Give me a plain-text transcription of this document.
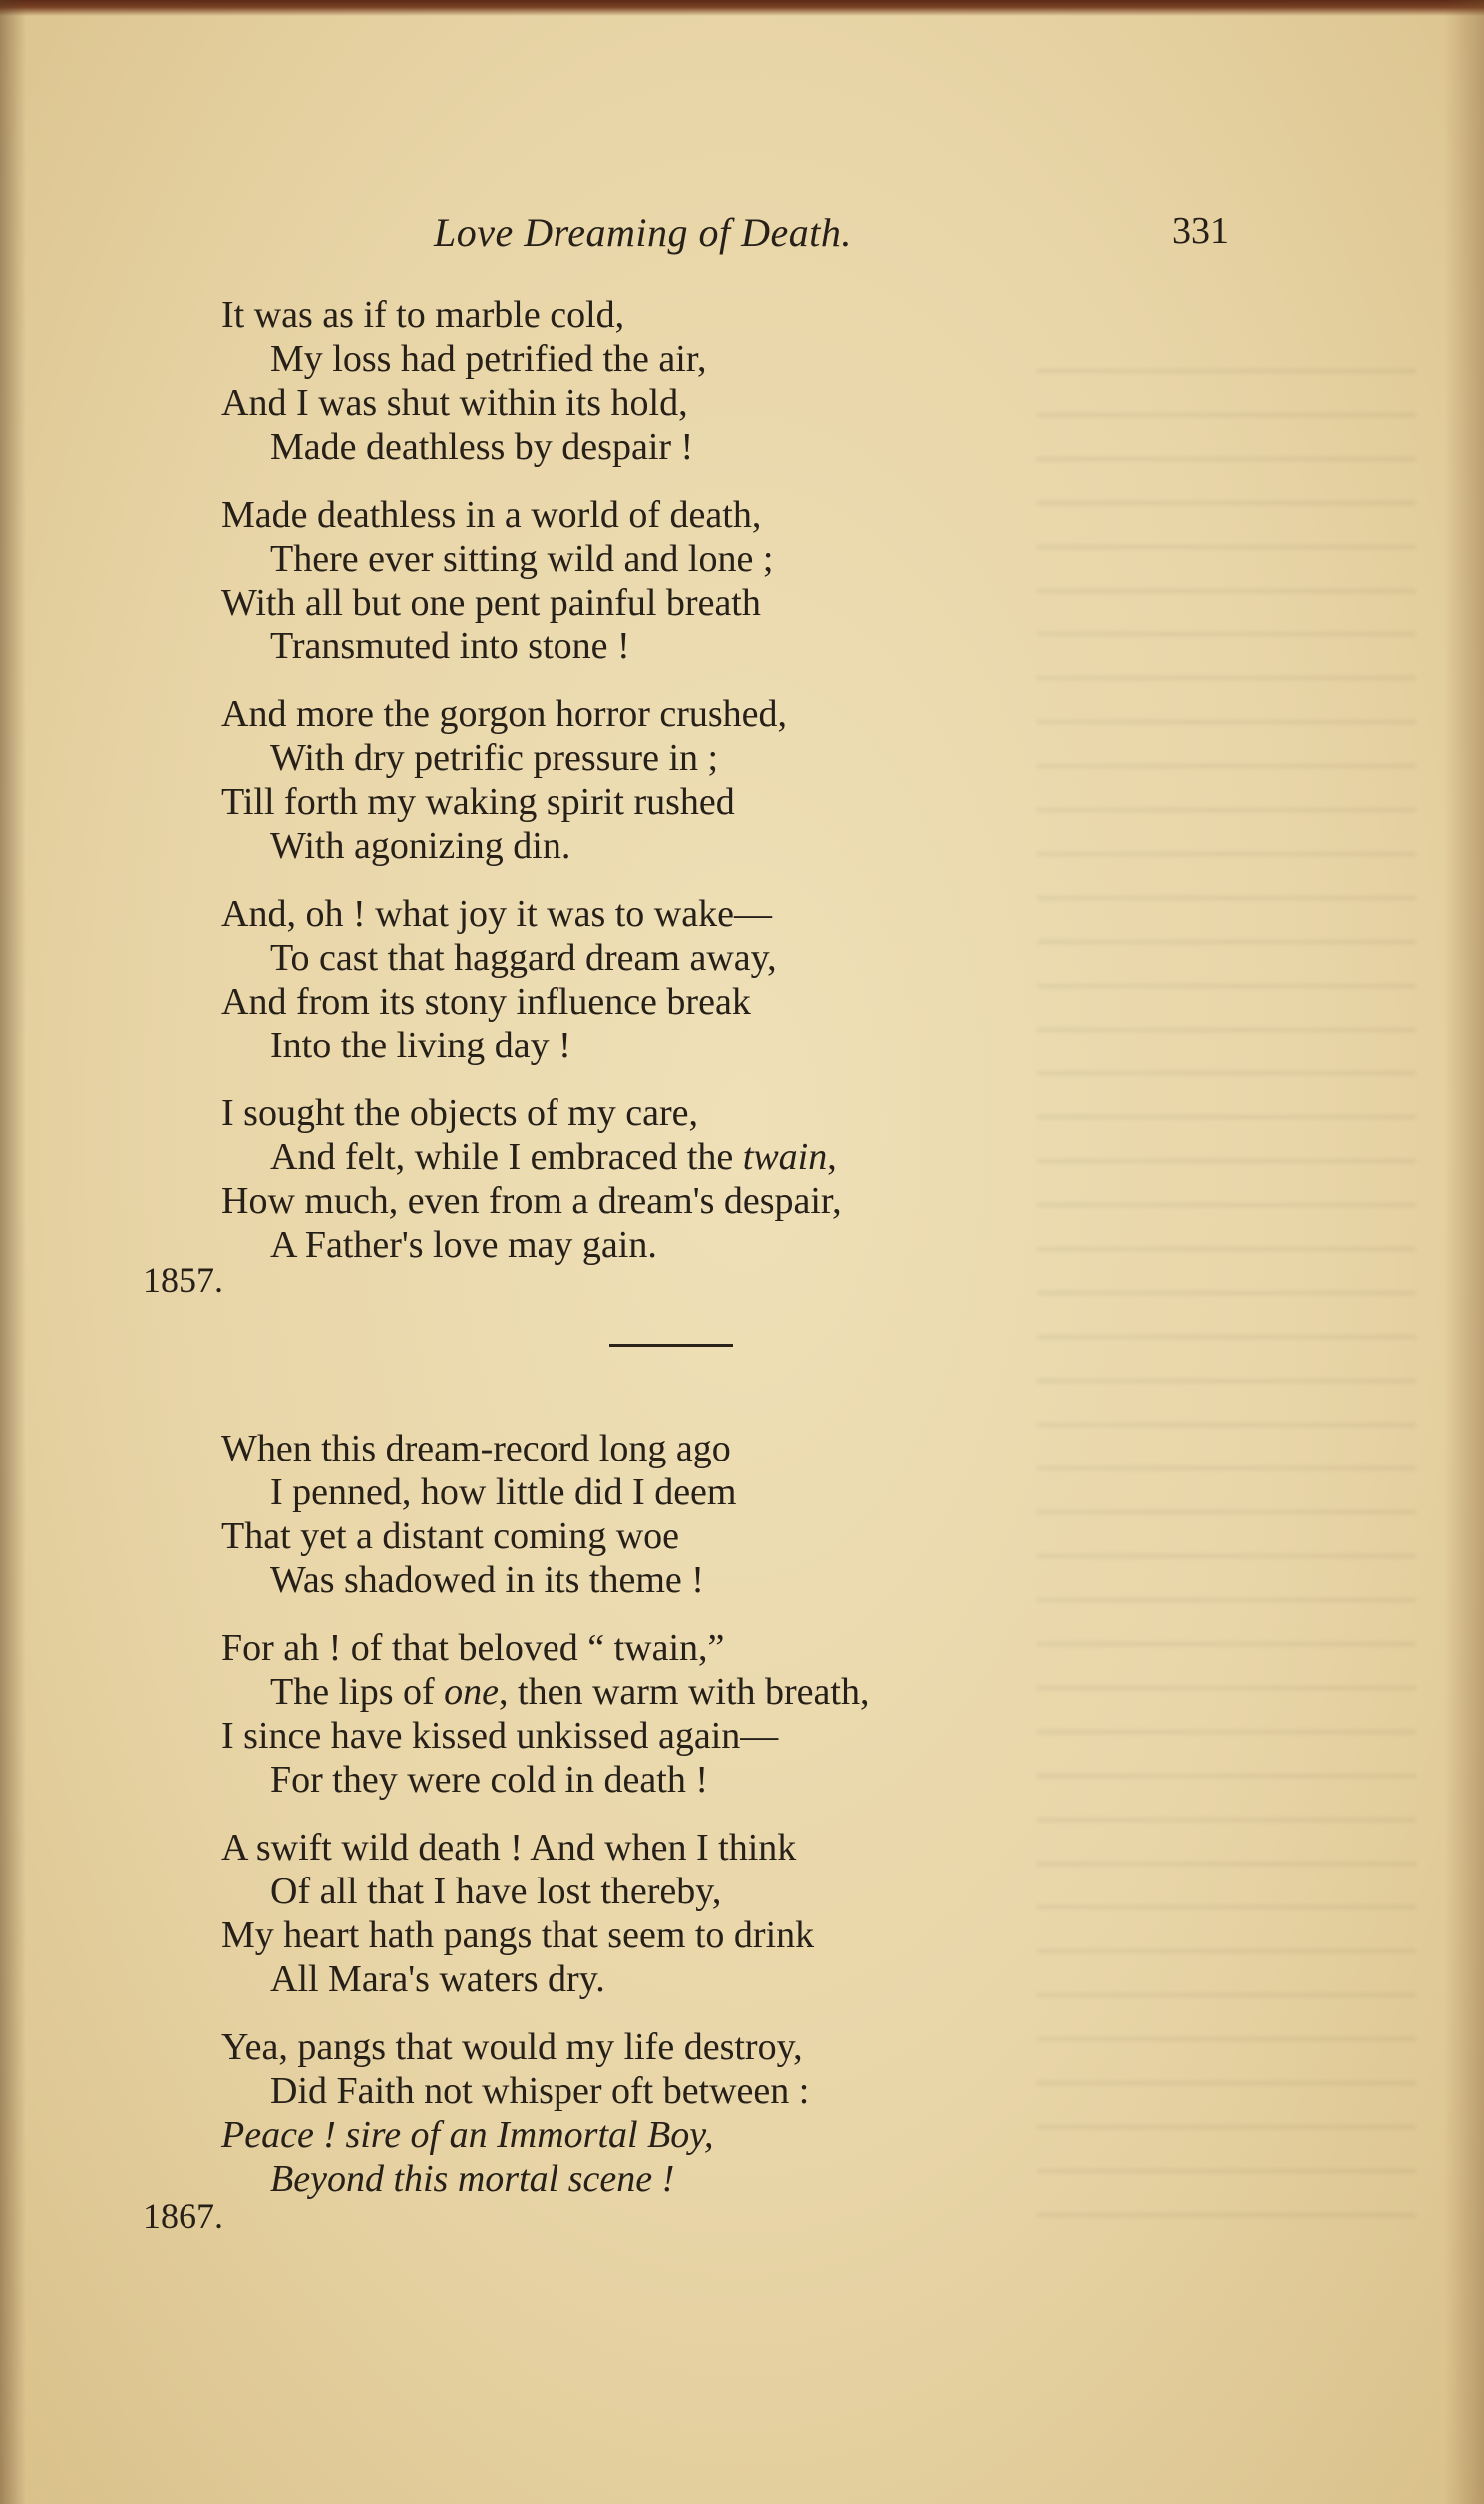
Love Dreaming of Death.	331
It was as if to marble cold,
My loss had petrified the air,
And I was shut within its hold,
Made deathless by despair !
Made deathless in a world of death,
There ever sitting wild and lone ;
With all but one pent painful breath
Transmuted into stone !
And more the gorgon horror crushed,
With dry petrific pressure in ;
Till forth my waking spirit rushed
With agonizing din.
And, oh ! what joy it was to wake—
To cast that haggard dream away,
And from its stony influence break
Into the living day !
I sought the objects of my care,
And felt, while I embraced the twain,
How much, even from a dream's despair,
A Father's love may gain.
1857.
When this dream-record long ago
I penned, how little did I deem
That yet a distant coming woe
Was shadowed in its theme !
For ah ! of that beloved “ twain,”
The lips of one, then warm with breath,
I since have kissed unkissed again—
For they were cold in death !
A swift wild death ! And when I think
Of all that I have lost thereby,
My heart hath pangs that seem to drink
All Mara's waters dry.
Yea, pangs that would my life destroy,
Did Faith not whisper oft between :
Peace ! sire of an Immortal Boy,
Beyond this mortal scene !
1867.
